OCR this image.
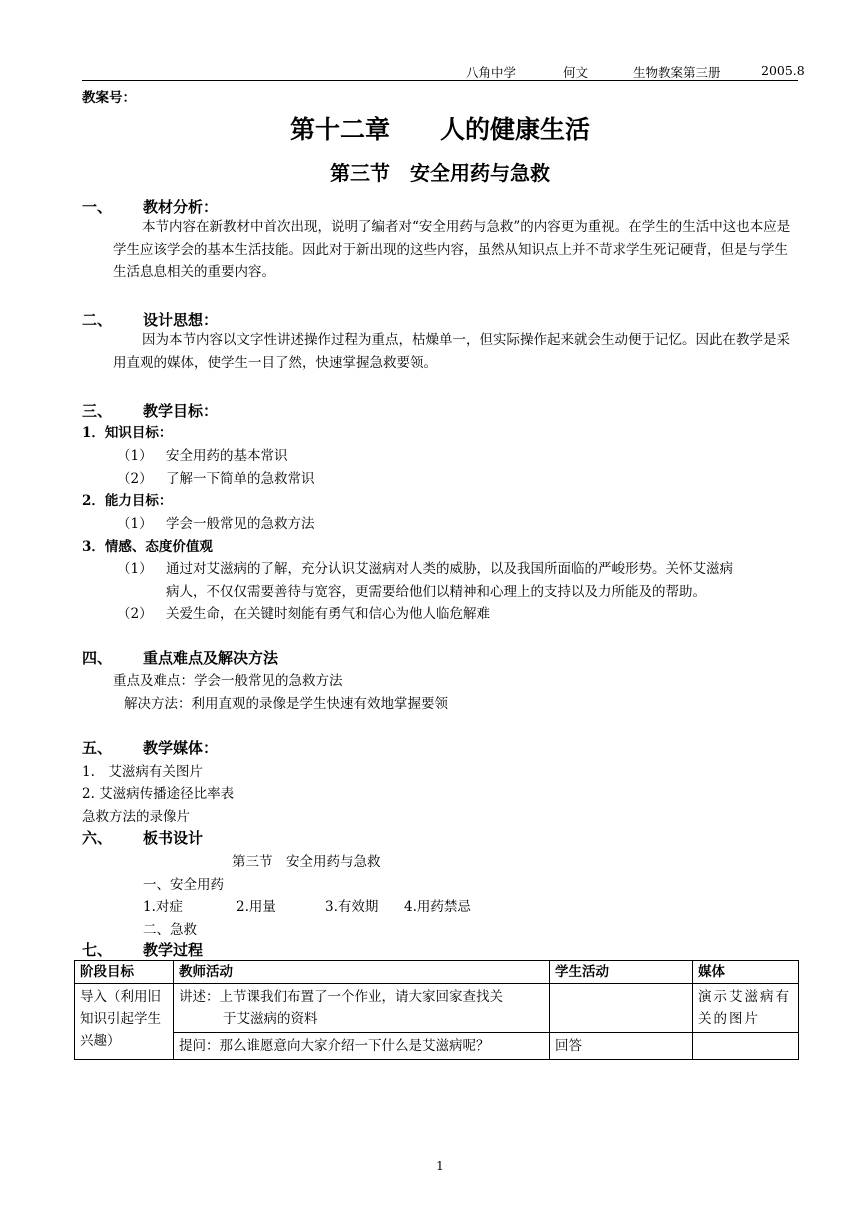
八角中学	何文	生物教案第三册	2005.8
教案号：
第十二章　　人的健康生活
第三节　安全用药与急救
一、 教材分析：
本节内容在新教材中首次出现，说明了编者对“安全用药与急救”的内容更为重视。在学生的生活中这也本应是学生应该学会的基本生活技能。因此对于新出现的这些内容，虽然从知识点上并不苛求学生死记硬背，但是与学生生活息息相关的重要内容。
二、 设计思想：
因为本节内容以文字性讲述操作过程为重点，枯燥单一，但实际操作起来就会生动便于记忆。因此在教学是采用直观的媒体，使学生一目了然，快速掌握急救要领。
三、 教学目标：
1．知识目标：
（1） 安全用药的基本常识
（2） 了解一下简单的急救常识
2．能力目标：
（1） 学会一般常见的急救方法
3．情感、态度价值观
（1） 通过对艾滋病的了解，充分认识艾滋病对人类的威胁，以及我国所面临的严峻形势。关怀艾滋病
病人，不仅仅需要善待与宽容，更需要给他们以精神和心理上的支持以及力所能及的帮助。
（2） 关爱生命，在关键时刻能有勇气和信心为他人临危解难
四、 重点难点及解决方法
重点及难点：学会一般常见的急救方法
解决方法：利用直观的录像是学生快速有效地掌握要领
五、 教学媒体：
1.　艾滋病有关图片
2. 艾滋病传播途径比率表
急救方法的录像片
六、 板书设计
第三节　安全用药与急救
一、安全用药
1.对症	2.用量	3.有效期 4.用药禁忌
二、急救
七、 教学过程
阶段目标	教师活动	学生活动	媒体
导入（利用旧知识引起学生兴趣）	讲述：上节课我们布置了一个作业，请大家回家查找关
于艾滋病的资料		演示艾滋病有关的图片
	提问：那么谁愿意向大家介绍一下什么是艾滋病呢？	回答	
1
